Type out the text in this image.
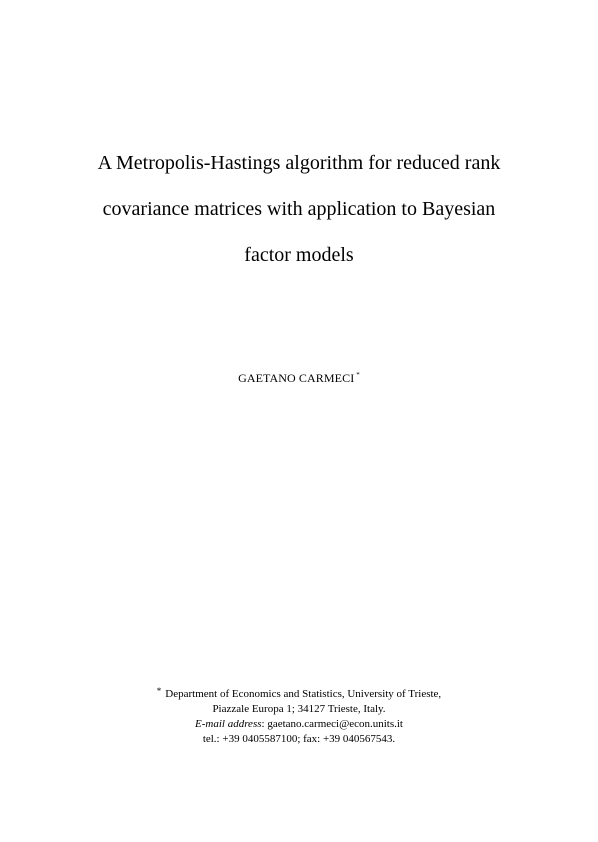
A Metropolis-Hastings algorithm for reduced rank
covariance matrices with application to Bayesian
factor models
GAETANO CARMECI *
* Department of Economics and Statistics, University of Trieste,
Piazzale Europa 1; 34127 Trieste, Italy.
E-mail address: gaetano.carmeci@econ.units.it
tel.: +39 0405587100; fax: +39 040567543.
